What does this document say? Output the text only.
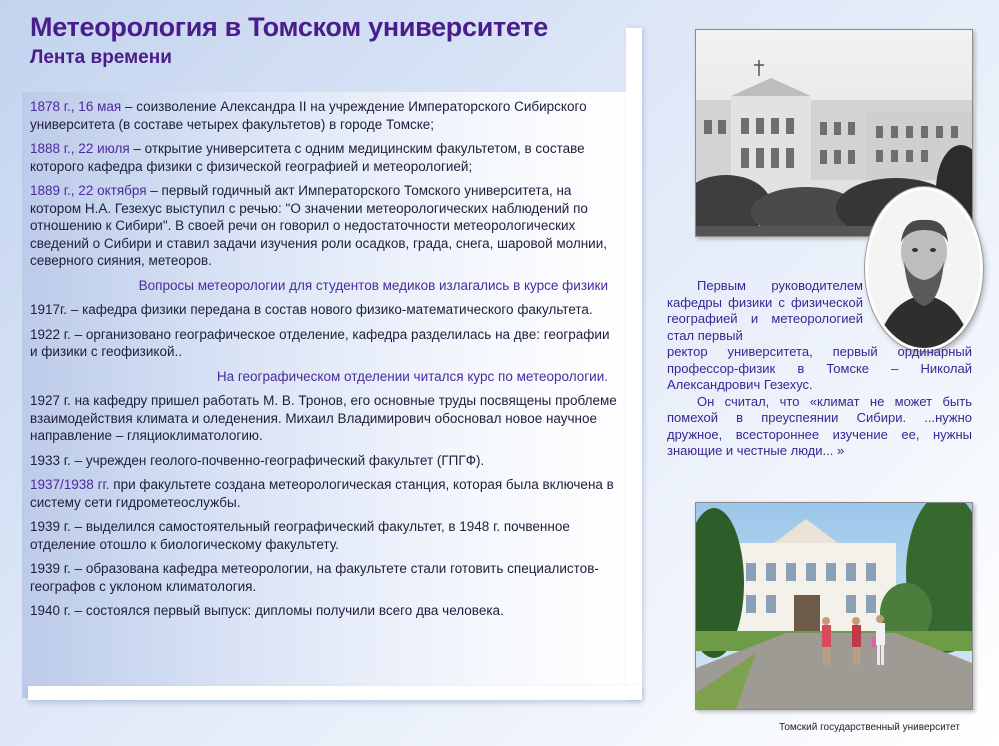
Метеорология в Томском университете
Лента времени

1878 г., 16 мая – соизволение Александра II на учреждение Императорского Сибирского университета (в составе четырех факультетов) в городе Томске;

1888 г., 22 июля – открытие университета с одним медицинским факультетом, в составе которого кафедра физики с физической географией и метеорологией;

1889 г., 22 октября – первый годичный акт Императорского Томского университета, на котором Н.А. Гезехус выступил с речью: "О значении метеорологических наблюдений по отношению к Сибири". В своей речи он говорил о недостаточности метеорологических сведений о Сибири и ставил задачи изучения роли осадков, града, снега, шаровой молнии, северного сияния, метеоров.

Вопросы метеорологии для студентов медиков излагались в курсе физики

1917г. – кафедра физики передана в состав нового физико-математического факультета.

1922 г. – организовано географическое отделение, кафедра разделилась на две: географии и физики с геофизикой..

На географическом отделении читался курс по метеорологии.

1927 г. на кафедру пришел работать М. В. Тронов, его основные труды посвящены проблеме взаимодействия климата и оледенения. Михаил Владимирович обосновал новое научное направление – гляциоклиматологию.

1933 г. – учрежден геолого-почвенно-географический факультет (ГПГФ).

1937/1938 гг. при факультете создана метеорологическая станция, которая была включена в систему сети гидрометеослужбы.

1939 г. – выделился самостоятельный географический факультет, в 1948 г. почвенное отделение отошло к биологическому факультету.

1939 г. – образована кафедра метеорологии, на факультете стали готовить специалистов-географов с уклоном климатология.

1940 г. – состоялся первый выпуск: дипломы получили всего два человека.

Первым руководителем кафедры физики с физической географией и метеорологией стал первый

ректор университета, первый ординарный профессор-физик в Томске – Николай Александрович Гезехус.

Он считал, что «климат не может быть помехой в преуспеянии Сибири. ...нужно дружное, всестороннее изучение ее, нужны знающие и честные люди... »

Томский государственный университет
